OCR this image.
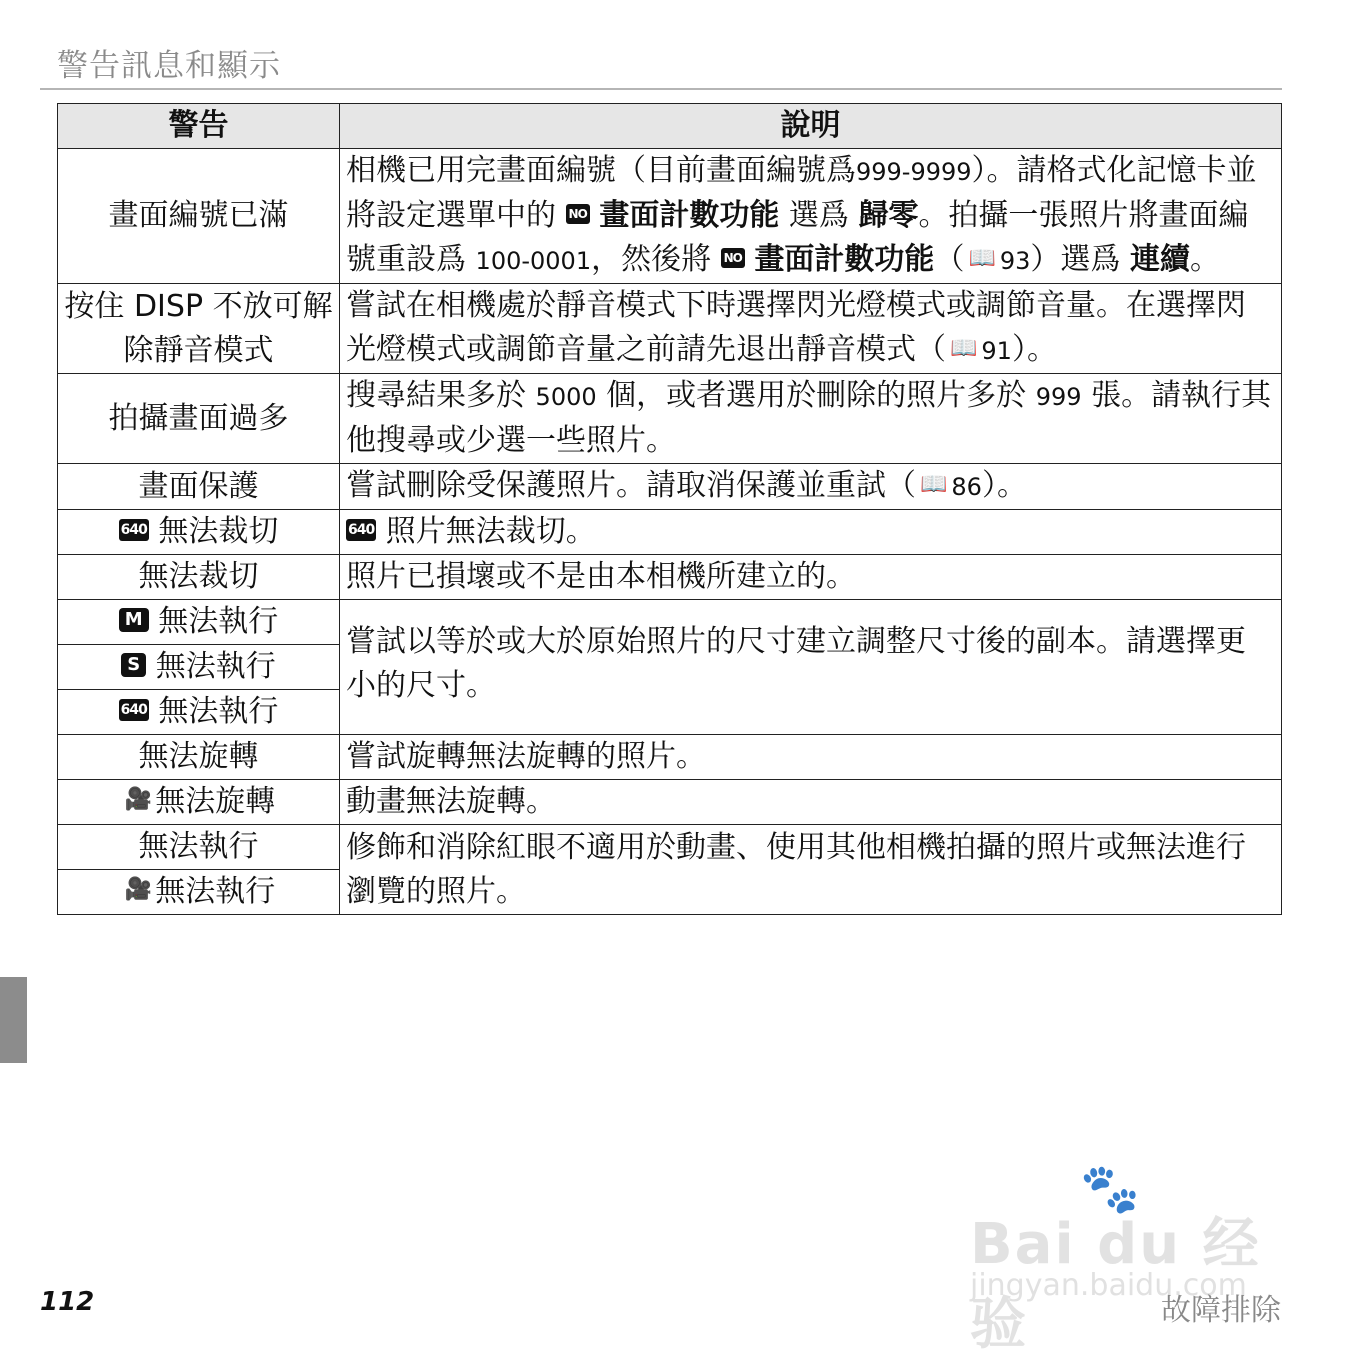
警告訊息和顯示
警告	說明
畫面編號已滿	相機已用完畫面編號（目前畫面編號爲999-9999）。請格式化記憶卡並將設定選單中的 NO 畫面計數功能 選爲 歸零。拍攝一張照片將畫面編號重設爲 100-0001，然後將 NO 畫面計數功能（ 📖 93）選爲 連續。

按住 DISP 不放可解
除靜音模式	嘗試在相機處於靜音模式下時選擇閃光燈模式或調節音量。在選擇閃光燈模式或調節音量之前請先退出靜音模式（ 📖 91）。
拍攝畫面過多	搜尋結果多於 5000 個，或者選用於刪除的照片多於 999 張。請執行其他搜尋或少選一些照片。
畫面保護	嘗試刪除受保護照片。請取消保護並重試（ 📖 86）。
640 無法裁切	640 照片無法裁切。
無法裁切	照片已損壞或不是由本相機所建立的。
M 無法執行	嘗試以等於或大於原始照片的尺寸建立調整尺寸後的副本。請選擇更小的尺寸。
S 無法執行	
640 無法執行	
無法旋轉	嘗試旋轉無法旋轉的照片。
🎥 無法旋轉	動畫無法旋轉。
無法執行	修飾和消除紅眼不適用於動畫、使用其他相機拍攝的照片或無法進行瀏覽的照片。
🎥 無法執行	
112
🐾
Bai du 经验
jingyan.baidu.com
故障排除
